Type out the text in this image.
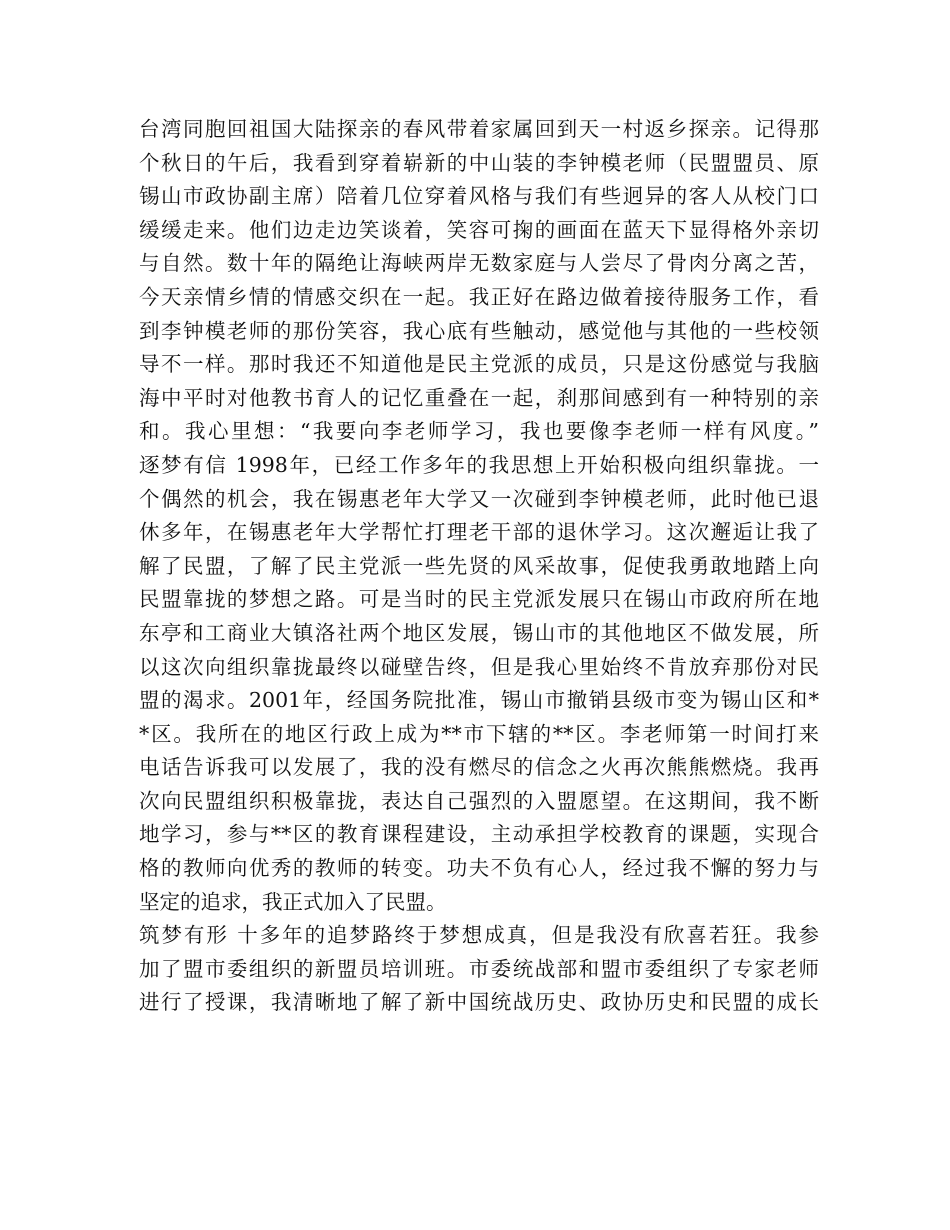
台湾同胞回祖国大陆探亲的春风带着家属回到天一村返乡探亲。记得那
个秋日的午后，我看到穿着崭新的中山装的李钟模老师（民盟盟员、原
锡山市政协副主席）陪着几位穿着风格与我们有些迥异的客人从校门口
缓缓走来。他们边走边笑谈着，笑容可掬的画面在蓝天下显得格外亲切
与自然。数十年的隔绝让海峡两岸无数家庭与人尝尽了骨肉分离之苦，
今天亲情乡情的情感交织在一起。我正好在路边做着接待服务工作，看
到李钟模老师的那份笑容，我心底有些触动，感觉他与其他的一些校领
导不一样。那时我还不知道他是民主党派的成员，只是这份感觉与我脑
海中平时对他教书育人的记忆重叠在一起，刹那间感到有一种特别的亲
和。我心里想：“我要向李老师学习，我也要像李老师一样有风度。”
逐梦有信 1998年，已经工作多年的我思想上开始积极向组织靠拢。一
个偶然的机会，我在锡惠老年大学又一次碰到李钟模老师，此时他已退
休多年，在锡惠老年大学帮忙打理老干部的退休学习。这次邂逅让我了
解了民盟，了解了民主党派一些先贤的风采故事，促使我勇敢地踏上向
民盟靠拢的梦想之路。可是当时的民主党派发展只在锡山市政府所在地
东亭和工商业大镇洛社两个地区发展，锡山市的其他地区不做发展，所
以这次向组织靠拢最终以碰壁告终，但是我心里始终不肯放弃那份对民
盟的渴求。2001年，经国务院批准，锡山市撤销县级市变为锡山区和*
*区。我所在的地区行政上成为**市下辖的**区。李老师第一时间打来
电话告诉我可以发展了，我的没有燃尽的信念之火再次熊熊燃烧。我再
次向民盟组织积极靠拢，表达自己强烈的入盟愿望。在这期间，我不断
地学习，参与**区的教育课程建设，主动承担学校教育的课题，实现合
格的教师向优秀的教师的转变。功夫不负有心人，经过我不懈的努力与
坚定的追求，我正式加入了民盟。
筑梦有形 十多年的追梦路终于梦想成真，但是我没有欣喜若狂。我参
加了盟市委组织的新盟员培训班。市委统战部和盟市委组织了专家老师
进行了授课，我清晰地了解了新中国统战历史、政协历史和民盟的成长
